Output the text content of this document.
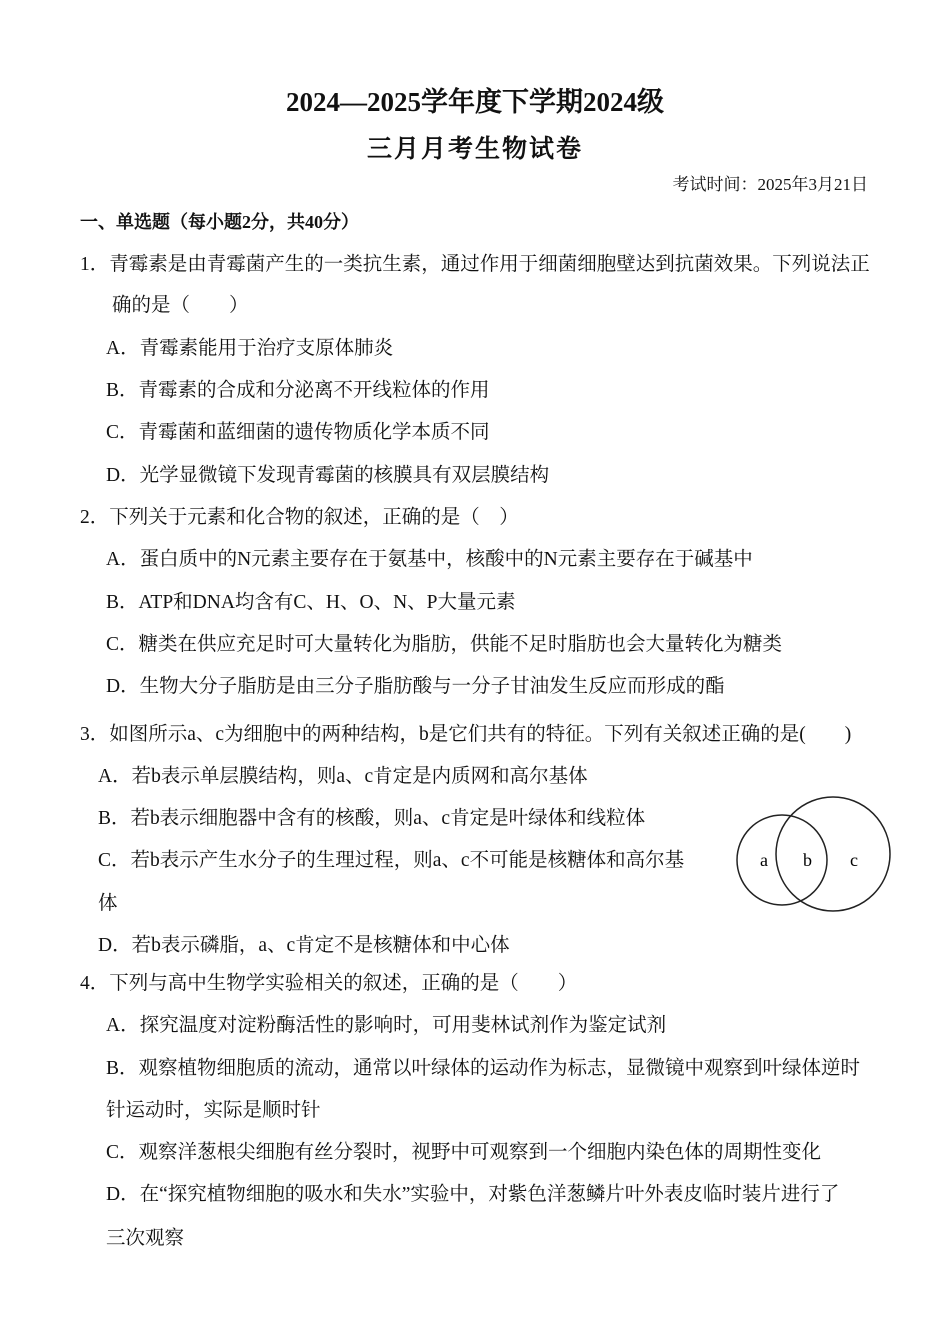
2024—2025学年度下学期2024级
三月月考生物试卷
考试时间：2025年3月21日
一、单选题（每小题2分，共40分）
1．青霉素是由青霉菌产生的一类抗生素，通过作用于细菌细胞壁达到抗菌效果。下列说法正
确的是（　　）
A．青霉素能用于治疗支原体肺炎
B．青霉素的合成和分泌离不开线粒体的作用
C．青霉菌和蓝细菌的遗传物质化学本质不同
D．光学显微镜下发现青霉菌的核膜具有双层膜结构
2．下列关于元素和化合物的叙述，正确的是（　）
A．蛋白质中的N元素主要存在于氨基中，核酸中的N元素主要存在于碱基中
B．ATP和DNA均含有C、H、O、N、P大量元素
C．糖类在供应充足时可大量转化为脂肪，供能不足时脂肪也会大量转化为糖类
D．生物大分子脂肪是由三分子脂肪酸与一分子甘油发生反应而形成的酯
3．如图所示a、c为细胞中的两种结构，b是它们共有的特征。下列有关叙述正确的是(　　)
A．若b表示单层膜结构，则a、c肯定是内质网和高尔基体
B．若b表示细胞器中含有的核酸，则a、c肯定是叶绿体和线粒体
C．若b表示产生水分子的生理过程，则a、c不可能是核糖体和高尔基
体
D．若b表示磷脂，a、c肯定不是核糖体和中心体
a b c
4．下列与高中生物学实验相关的叙述，正确的是（　　）
A．探究温度对淀粉酶活性的影响时，可用斐林试剂作为鉴定试剂
B．观察植物细胞质的流动，通常以叶绿体的运动作为标志，显微镜中观察到叶绿体逆时
针运动时，实际是顺时针
C．观察洋葱根尖细胞有丝分裂时，视野中可观察到一个细胞内染色体的周期性变化
D．在“探究植物细胞的吸水和失水”实验中，对紫色洋葱鳞片叶外表皮临时装片进行了
三次观察
